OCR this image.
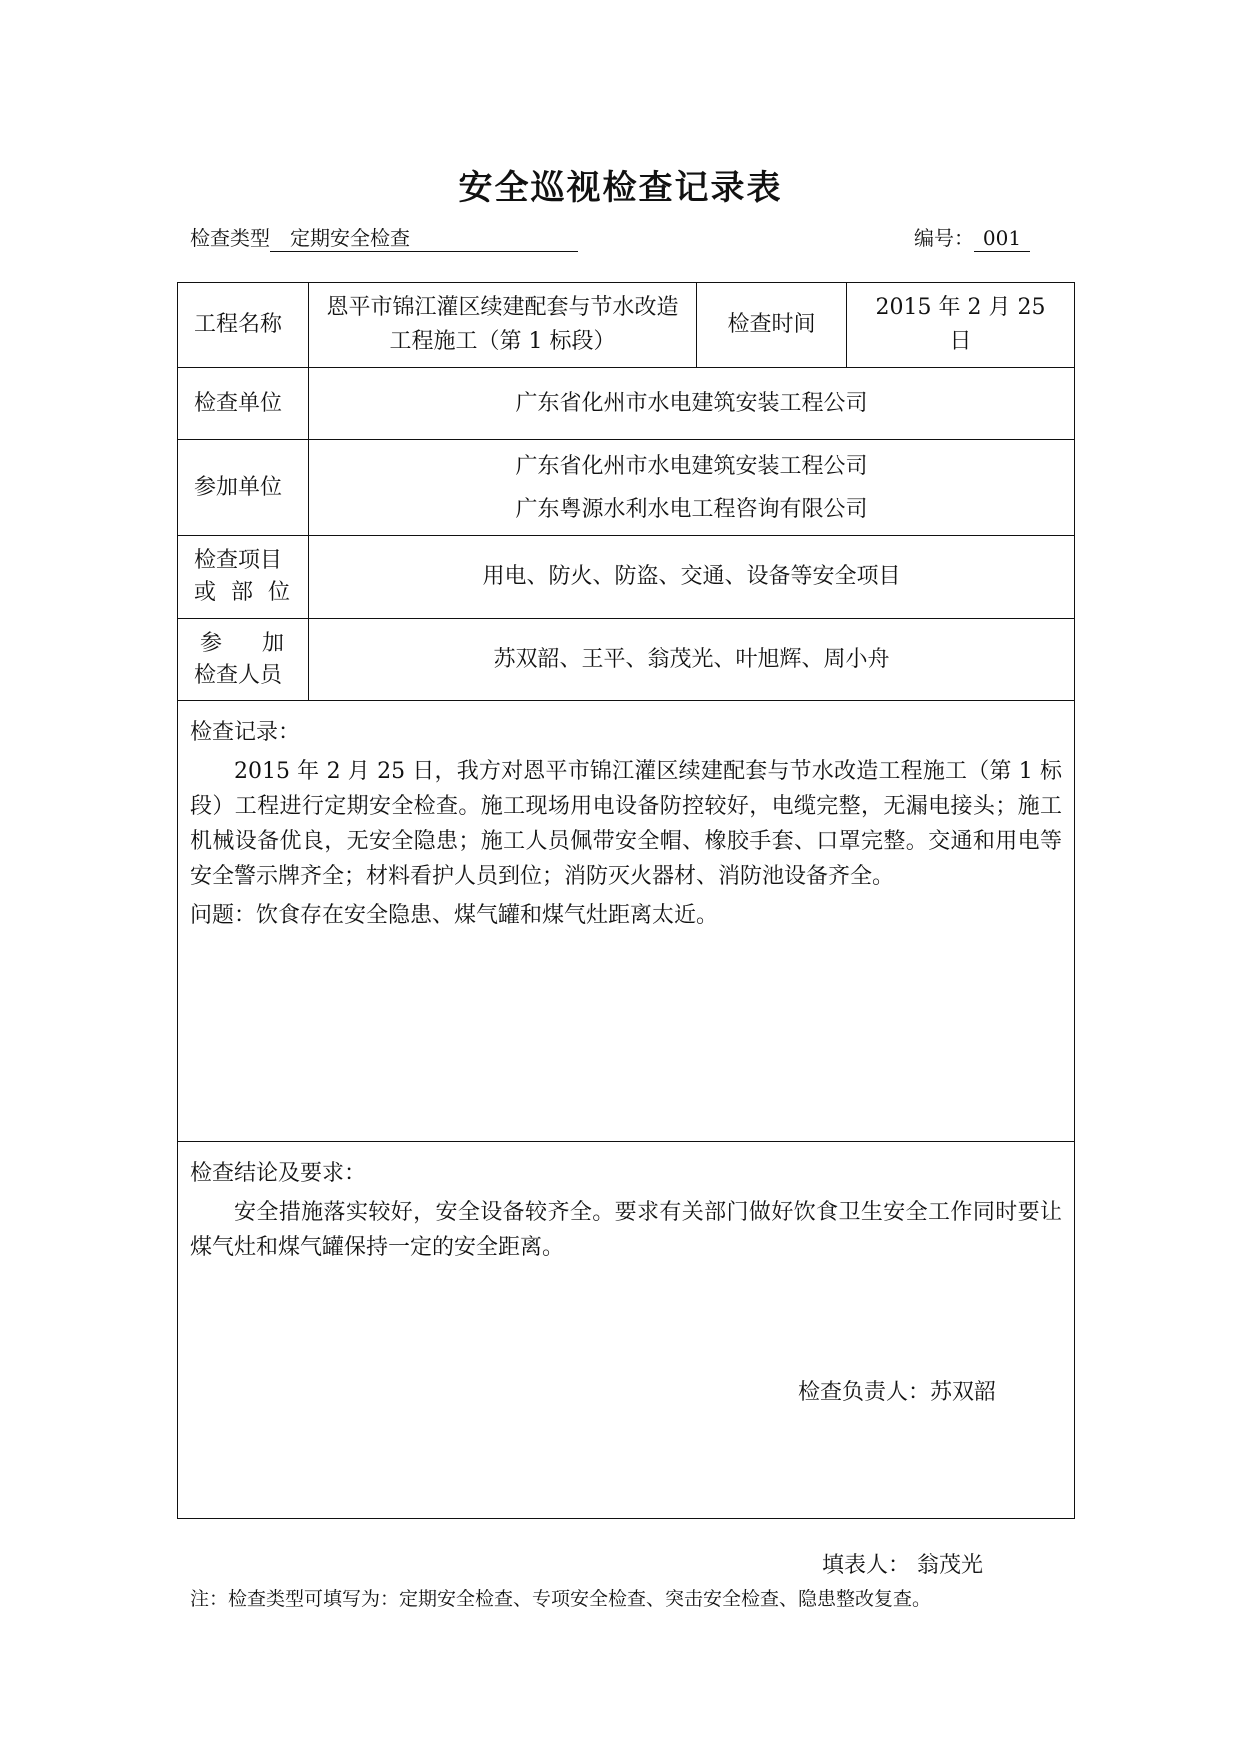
安全巡视检查记录表
检查类型 定期安全检查	编号： 001
工程名称	恩平市锦江灌区续建配套与节水改造工程施工（第 1 标段）	检查时间	2015 年 2 月 25 日
检查单位	广东省化州市水电建筑安装工程公司		
参加单位	广东省化州市水电建筑安装工程公司
广东粤源水利水电工程咨询有限公司		

检查项目
或 部 位	用电、防火、防盗、交通、设备等安全项目		

参 加
检查人员	苏双韶、王平、翁茂光、叶旭辉、周小舟		

检查记录：
2015 年 2 月 25 日，我方对恩平市锦江灌区续建配套与节水改造工程施工（第 1 标段）工程进行定期安全检查。施工现场用电设备防控较好，电缆完整，无漏电接头；施工机械设备优良，无安全隐患；施工人员佩带安全帽、橡胶手套、口罩完整。交通和用电等安全警示牌齐全；材料看护人员到位；消防灭火器材、消防池设备齐全。
问题：饮食存在安全隐患、煤气罐和煤气灶距离太近。			

检查结论及要求：
安全措施落实较好，安全设备较齐全。要求有关部门做好饮食卫生安全工作同时要让煤气灶和煤气罐保持一定的安全距离。
检查负责人：苏双韶			
填表人： 翁茂光
注：检查类型可填写为：定期安全检查、专项安全检查、突击安全检查、隐患整改复查。
